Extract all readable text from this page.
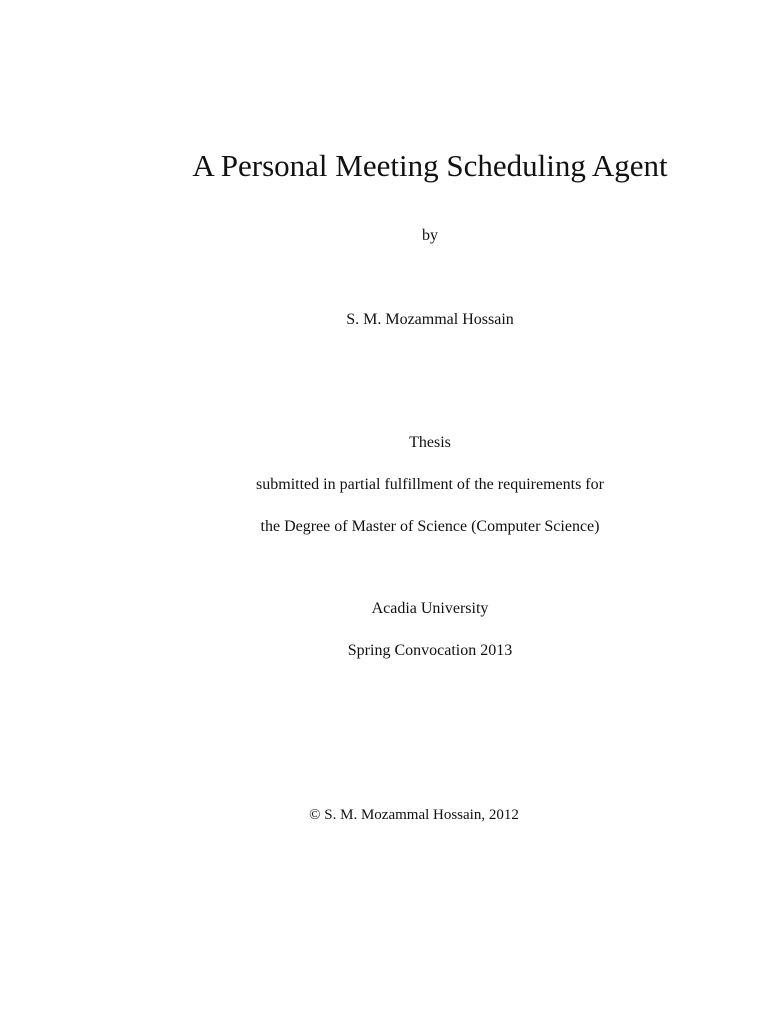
A Personal Meeting Scheduling Agent
by
S. M. Mozammal Hossain
Thesis
submitted in partial fulfillment of the requirements for
the Degree of Master of Science (Computer Science)
Acadia University
Spring Convocation 2013
© S. M. Mozammal Hossain, 2012
